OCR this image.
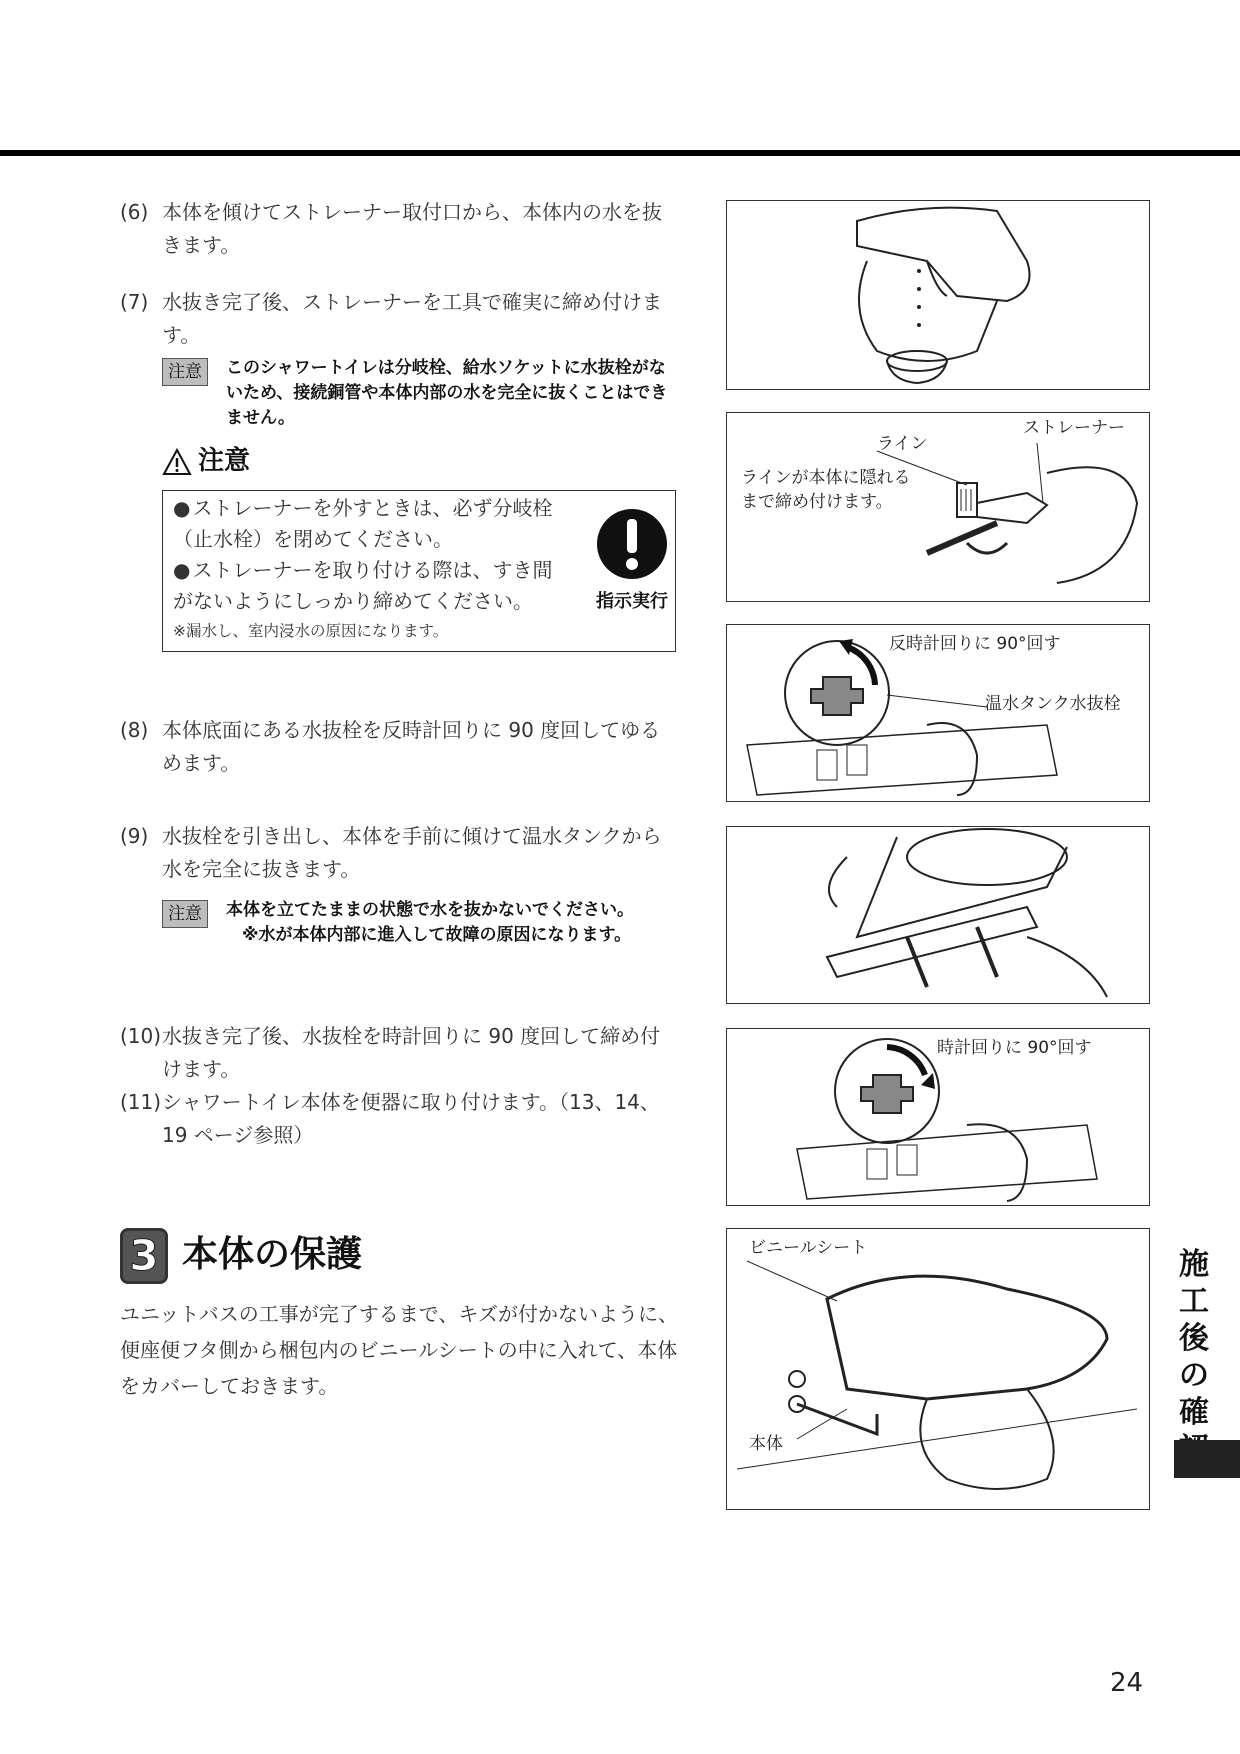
(6) 本体を傾けてストレーナー取付口から、本体内の水を抜きます。
(7) 水抜き完了後、ストレーナーを工具で確実に締め付けます。
注意	このシャワートイレは分岐栓、給水ソケットに水抜栓がないため、接続銅管や本体内部の水を完全に抜くことはできません。
注意
● ストレーナーを外すときは、必ず分岐栓（止水栓）を閉めてください。
● ストレーナーを取り付ける際は、すき間がないようにしっかり締めてください。
※漏水し、室内浸水の原因になります。
指示実行
(8) 本体底面にある水抜栓を反時計回りに 90 度回してゆるめます。
(9) 水抜栓を引き出し、本体を手前に傾けて温水タンクから水を完全に抜きます。
注意	本体を立てたままの状態で水を抜かないでください。
※水が本体内部に進入して故障の原因になります。
(10) 水抜き完了後、水抜栓を時計回りに 90 度回して締め付けます。
(11) シャワートイレ本体を便器に取り付けます。（13、14、19 ページ参照）
3 本体の保護
ユニットバスの工事が完了するまで、キズが付かないように、便座便フタ側から梱包内のビニールシートの中に入れて、本体をカバーしておきます。
ライン
ストレーナー
ラインが本体に隠れる
まで締め付けます。
反時計回りに 90°回す
温水タンク水抜栓
時計回りに 90°回す
ビニールシート
本体
施工後の確
24
